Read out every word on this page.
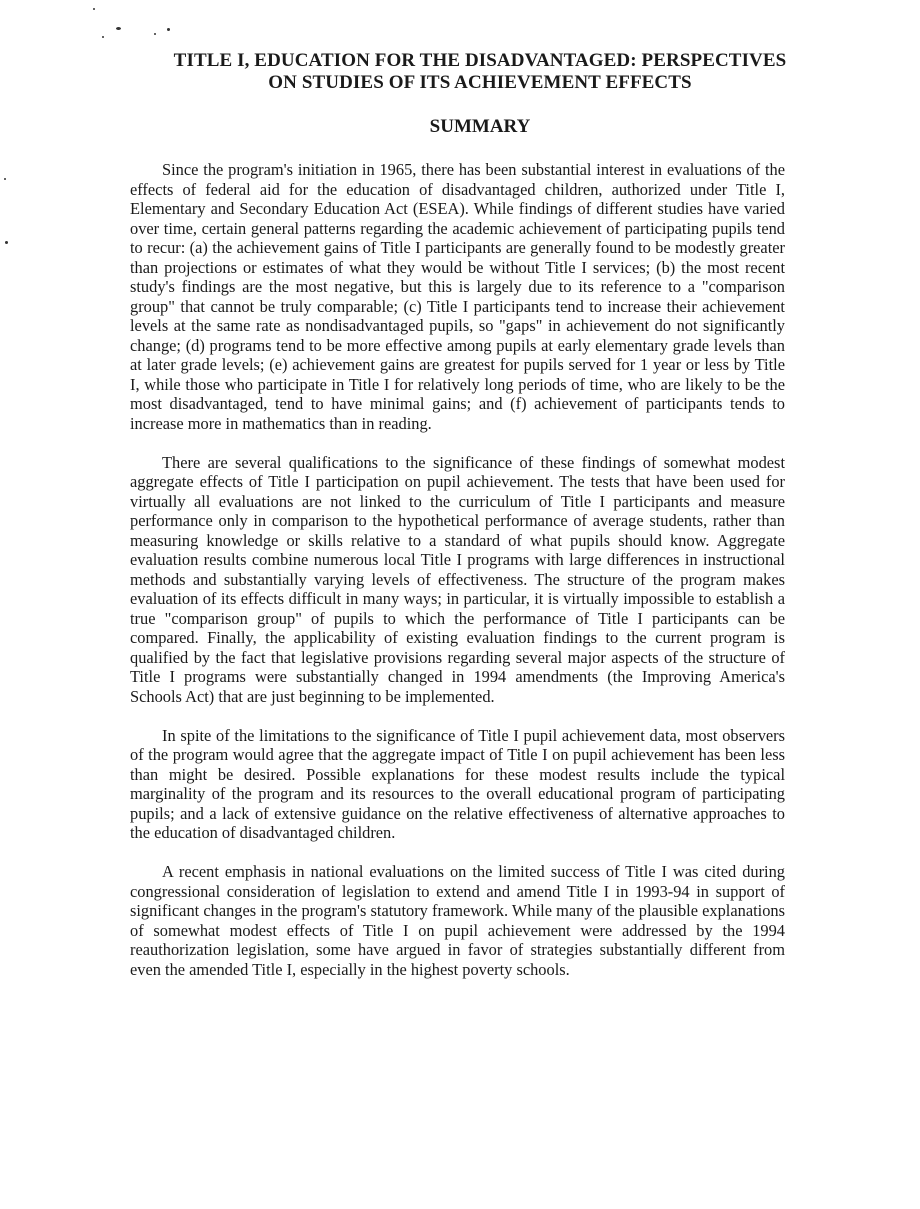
TITLE I, EDUCATION FOR THE DISADVANTAGED: PERSPECTIVES
ON STUDIES OF ITS ACHIEVEMENT EFFECTS
SUMMARY

Since the program's initiation in 1965, there has been substantial interest in evaluations of the effects of federal aid for the education of disadvantaged children, authorized under Title I, Elementary and Secondary Education Act (ESEA). While findings of different studies have varied over time, certain general patterns regarding the academic achievement of participating pupils tend to recur: (a) the achievement gains of Title I participants are generally found to be modestly greater than projections or estimates of what they would be without Title I services; (b) the most recent study's findings are the most negative, but this is largely due to its reference to a "comparison group" that cannot be truly comparable; (c) Title I participants tend to increase their achievement levels at the same rate as nondisadvantaged pupils, so "gaps" in achievement do not significantly change; (d) programs tend to be more effective among pupils at early elementary grade levels than at later grade levels; (e) achievement gains are greatest for pupils served for 1 year or less by Title I, while those who participate in Title I for relatively long periods of time, who are likely to be the most disadvantaged, tend to have minimal gains; and (f) achievement of participants tends to increase more in mathematics than in reading.

There are several qualifications to the significance of these findings of somewhat modest aggregate effects of Title I participation on pupil achievement. The tests that have been used for virtually all evaluations are not linked to the curriculum of Title I participants and measure performance only in comparison to the hypothetical performance of average students, rather than measuring knowledge or skills relative to a standard of what pupils should know. Aggregate evaluation results combine numerous local Title I programs with large differences in instructional methods and substantially varying levels of effectiveness. The structure of the program makes evaluation of its effects difficult in many ways; in particular, it is virtually impossible to establish a true "comparison group" of pupils to which the performance of Title I participants can be compared. Finally, the applicability of existing evaluation findings to the current program is qualified by the fact that legislative provisions regarding several major aspects of the structure of Title I programs were substantially changed in 1994 amendments (the Improving America's Schools Act) that are just beginning to be implemented.

In spite of the limitations to the significance of Title I pupil achievement data, most observers of the program would agree that the aggregate impact of Title I on pupil achievement has been less than might be desired. Possible explanations for these modest results include the typical marginality of the program and its resources to the overall educational program of participating pupils; and a lack of extensive guidance on the relative effectiveness of alternative approaches to the education of disadvantaged children.

A recent emphasis in national evaluations on the limited success of Title I was cited during congressional consideration of legislation to extend and amend Title I in 1993-94 in support of significant changes in the program's statutory framework. While many of the plausible explanations of somewhat modest effects of Title I on pupil achievement were addressed by the 1994 reauthorization legislation, some have argued in favor of strategies substantially different from even the amended Title I, especially in the highest poverty schools.
